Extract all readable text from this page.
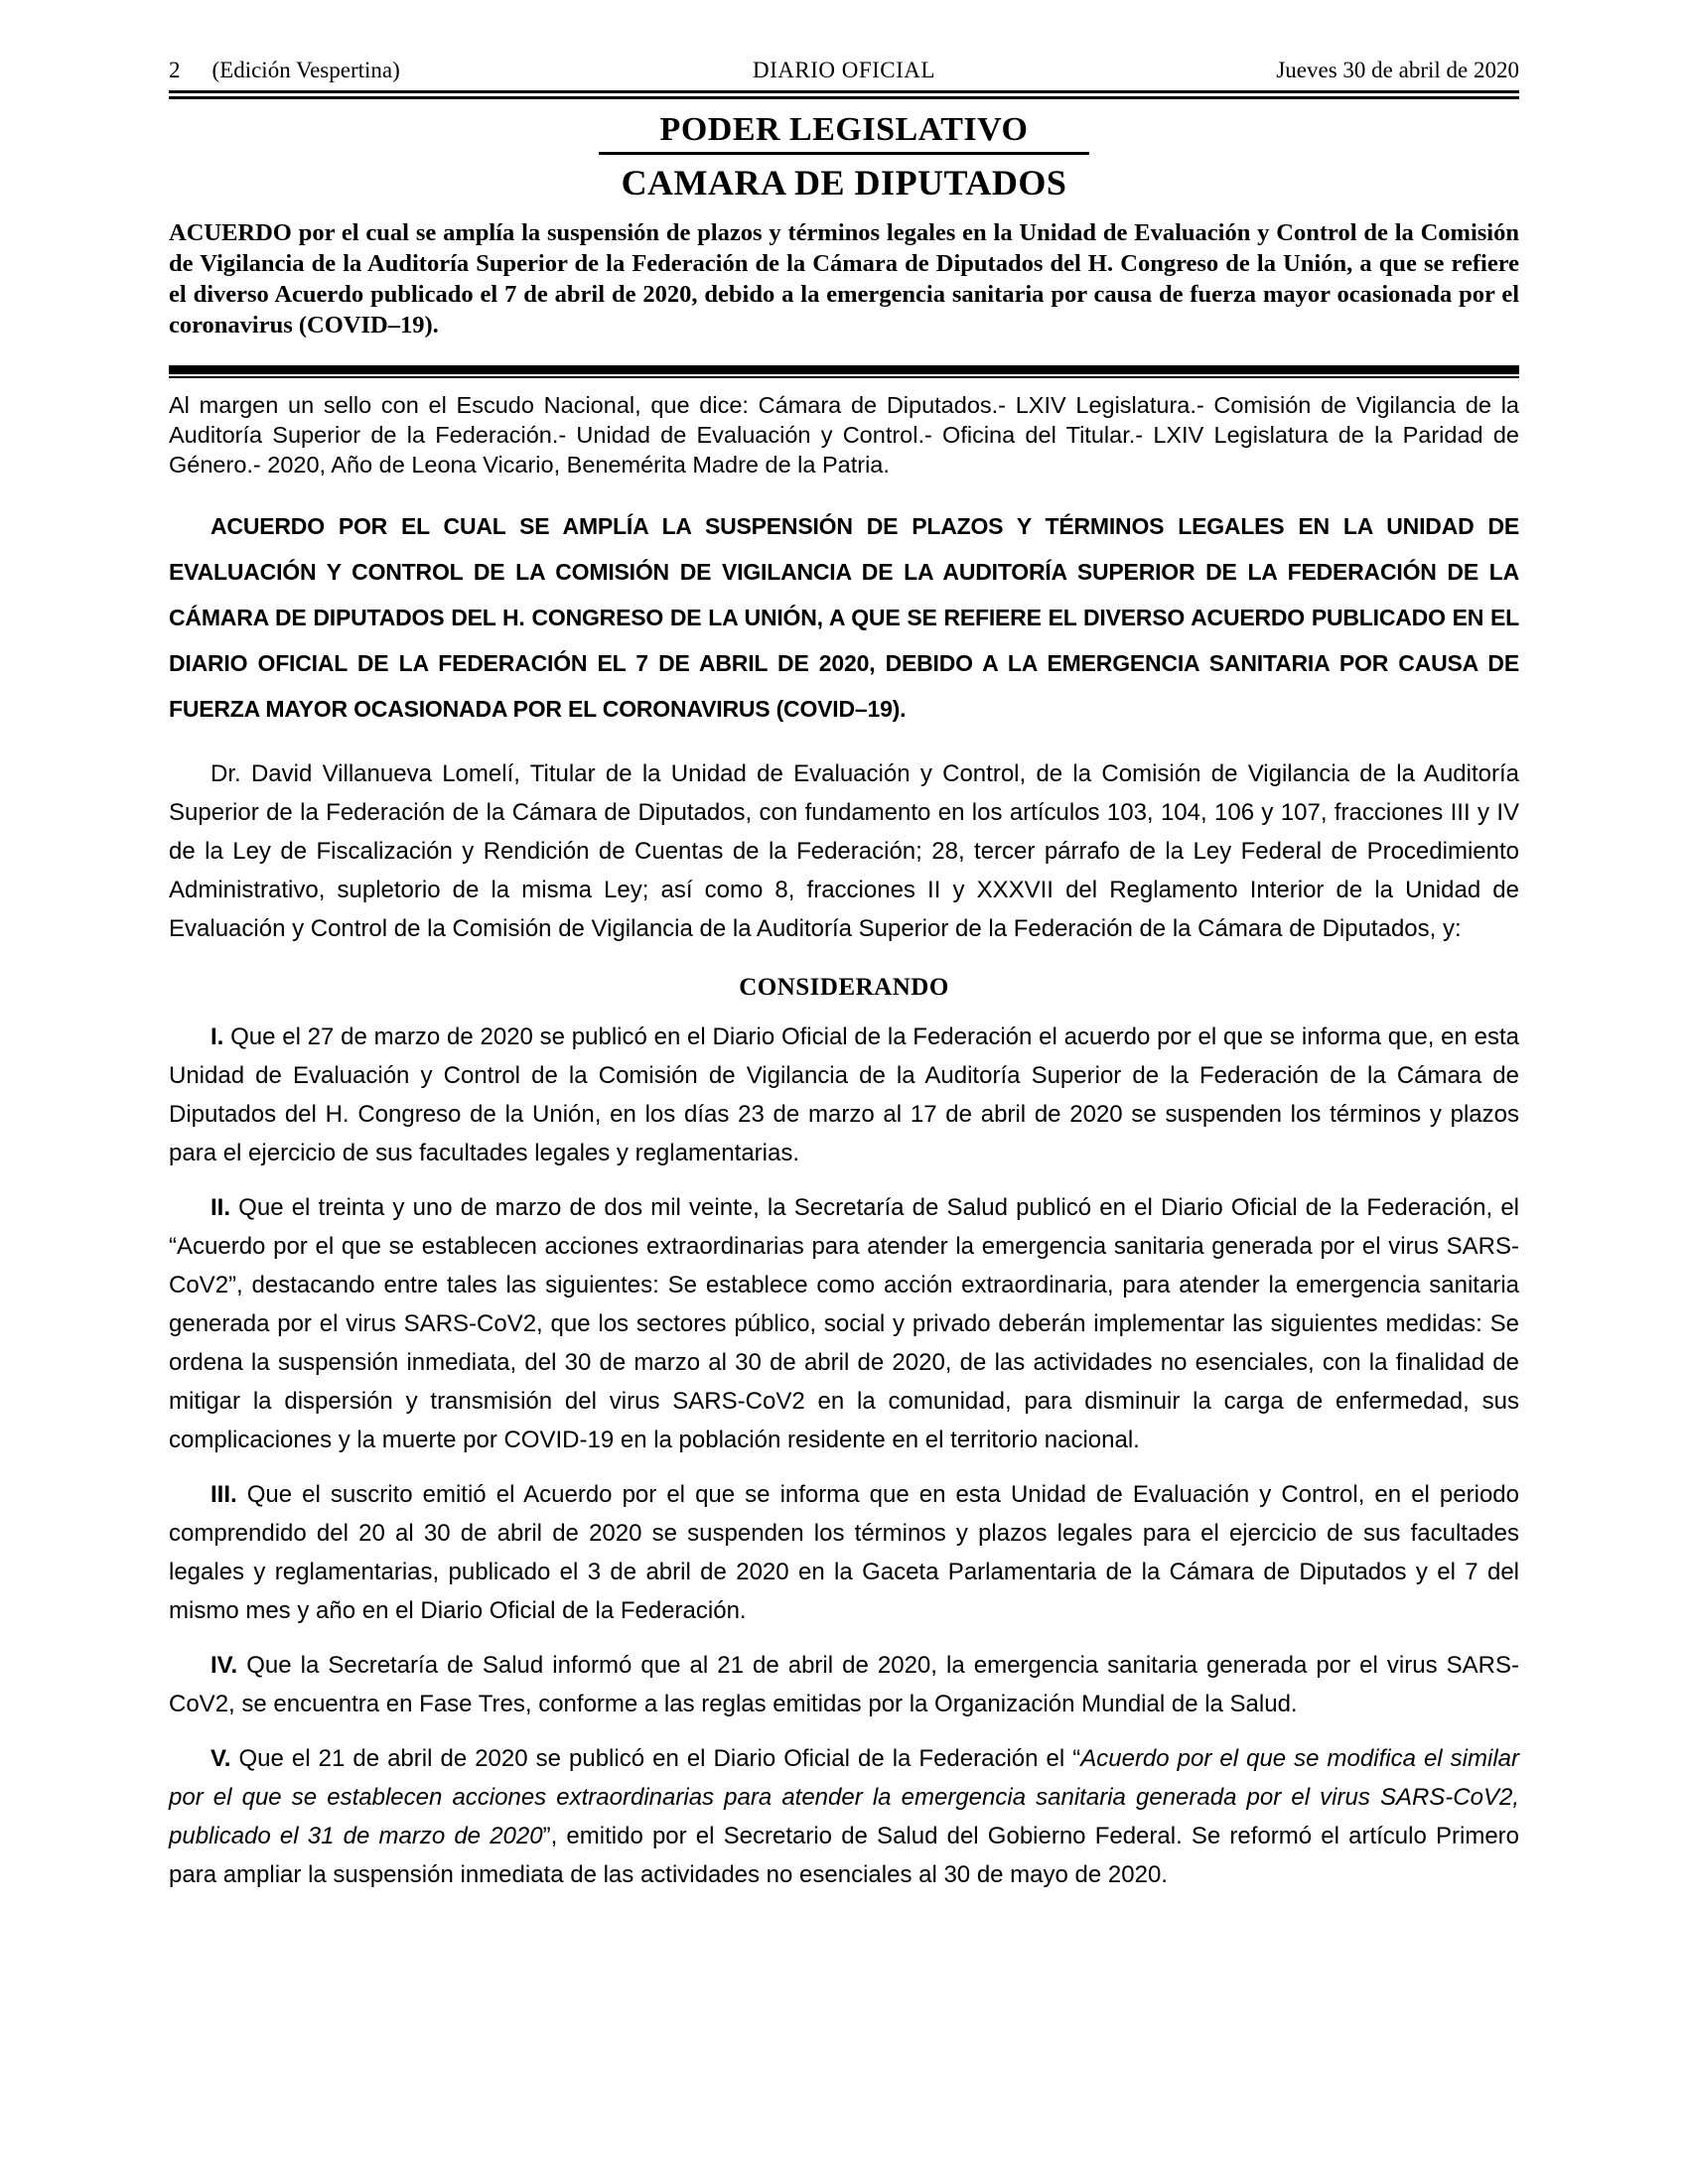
2 (Edición Vespertina)	DIARIO OFICIAL	Jueves 30 de abril de 2020
PODER LEGISLATIVO
CAMARA DE DIPUTADOS

ACUERDO por el cual se amplía la suspensión de plazos y términos legales en la Unidad de Evaluación y Control de la Comisión de Vigilancia de la Auditoría Superior de la Federación de la Cámara de Diputados del H. Congreso de la Unión, a que se refiere el diverso Acuerdo publicado el 7 de abril de 2020, debido a la emergencia sanitaria por causa de fuerza mayor ocasionada por el coronavirus (COVID–19).

Al margen un sello con el Escudo Nacional, que dice: Cámara de Diputados.- LXIV Legislatura.- Comisión de Vigilancia de la Auditoría Superior de la Federación.- Unidad de Evaluación y Control.- Oficina del Titular.- LXIV Legislatura de la Paridad de Género.- 2020, Año de Leona Vicario, Benemérita Madre de la Patria.

ACUERDO POR EL CUAL SE AMPLÍA LA SUSPENSIÓN DE PLAZOS Y TÉRMINOS LEGALES EN LA UNIDAD DE EVALUACIÓN Y CONTROL DE LA COMISIÓN DE VIGILANCIA DE LA AUDITORÍA SUPERIOR DE LA FEDERACIÓN DE LA CÁMARA DE DIPUTADOS DEL H. CONGRESO DE LA UNIÓN, A QUE SE REFIERE EL DIVERSO ACUERDO PUBLICADO EN EL DIARIO OFICIAL DE LA FEDERACIÓN EL 7 DE ABRIL DE 2020, DEBIDO A LA EMERGENCIA SANITARIA POR CAUSA DE FUERZA MAYOR OCASIONADA POR EL CORONAVIRUS (COVID–19).

Dr. David Villanueva Lomelí, Titular de la Unidad de Evaluación y Control, de la Comisión de Vigilancia de la Auditoría Superior de la Federación de la Cámara de Diputados, con fundamento en los artículos 103, 104, 106 y 107, fracciones III y IV de la Ley de Fiscalización y Rendición de Cuentas de la Federación; 28, tercer párrafo de la Ley Federal de Procedimiento Administrativo, supletorio de la misma Ley; así como 8, fracciones II y XXXVII del Reglamento Interior de la Unidad de Evaluación y Control de la Comisión de Vigilancia de la Auditoría Superior de la Federación de la Cámara de Diputados, y:

CONSIDERANDO

I. Que el 27 de marzo de 2020 se publicó en el Diario Oficial de la Federación el acuerdo por el que se informa que, en esta Unidad de Evaluación y Control de la Comisión de Vigilancia de la Auditoría Superior de la Federación de la Cámara de Diputados del H. Congreso de la Unión, en los días 23 de marzo al 17 de abril de 2020 se suspenden los términos y plazos para el ejercicio de sus facultades legales y reglamentarias.

II. Que el treinta y uno de marzo de dos mil veinte, la Secretaría de Salud publicó en el Diario Oficial de la Federación, el “Acuerdo por el que se establecen acciones extraordinarias para atender la emergencia sanitaria generada por el virus SARS-CoV2”, destacando entre tales las siguientes: Se establece como acción extraordinaria, para atender la emergencia sanitaria generada por el virus SARS-CoV2, que los sectores público, social y privado deberán implementar las siguientes medidas: Se ordena la suspensión inmediata, del 30 de marzo al 30 de abril de 2020, de las actividades no esenciales, con la finalidad de mitigar la dispersión y transmisión del virus SARS-CoV2 en la comunidad, para disminuir la carga de enfermedad, sus complicaciones y la muerte por COVID-19 en la población residente en el territorio nacional.

III. Que el suscrito emitió el Acuerdo por el que se informa que en esta Unidad de Evaluación y Control, en el periodo comprendido del 20 al 30 de abril de 2020 se suspenden los términos y plazos legales para el ejercicio de sus facultades legales y reglamentarias, publicado el 3 de abril de 2020 en la Gaceta Parlamentaria de la Cámara de Diputados y el 7 del mismo mes y año en el Diario Oficial de la Federación.

IV. Que la Secretaría de Salud informó que al 21 de abril de 2020, la emergencia sanitaria generada por el virus SARS-CoV2, se encuentra en Fase Tres, conforme a las reglas emitidas por la Organización Mundial de la Salud.

V. Que el 21 de abril de 2020 se publicó en el Diario Oficial de la Federación el “Acuerdo por el que se modifica el similar por el que se establecen acciones extraordinarias para atender la emergencia sanitaria generada por el virus SARS-CoV2, publicado el 31 de marzo de 2020”, emitido por el Secretario de Salud del Gobierno Federal. Se reformó el artículo Primero para ampliar la suspensión inmediata de las actividades no esenciales al 30 de mayo de 2020.
